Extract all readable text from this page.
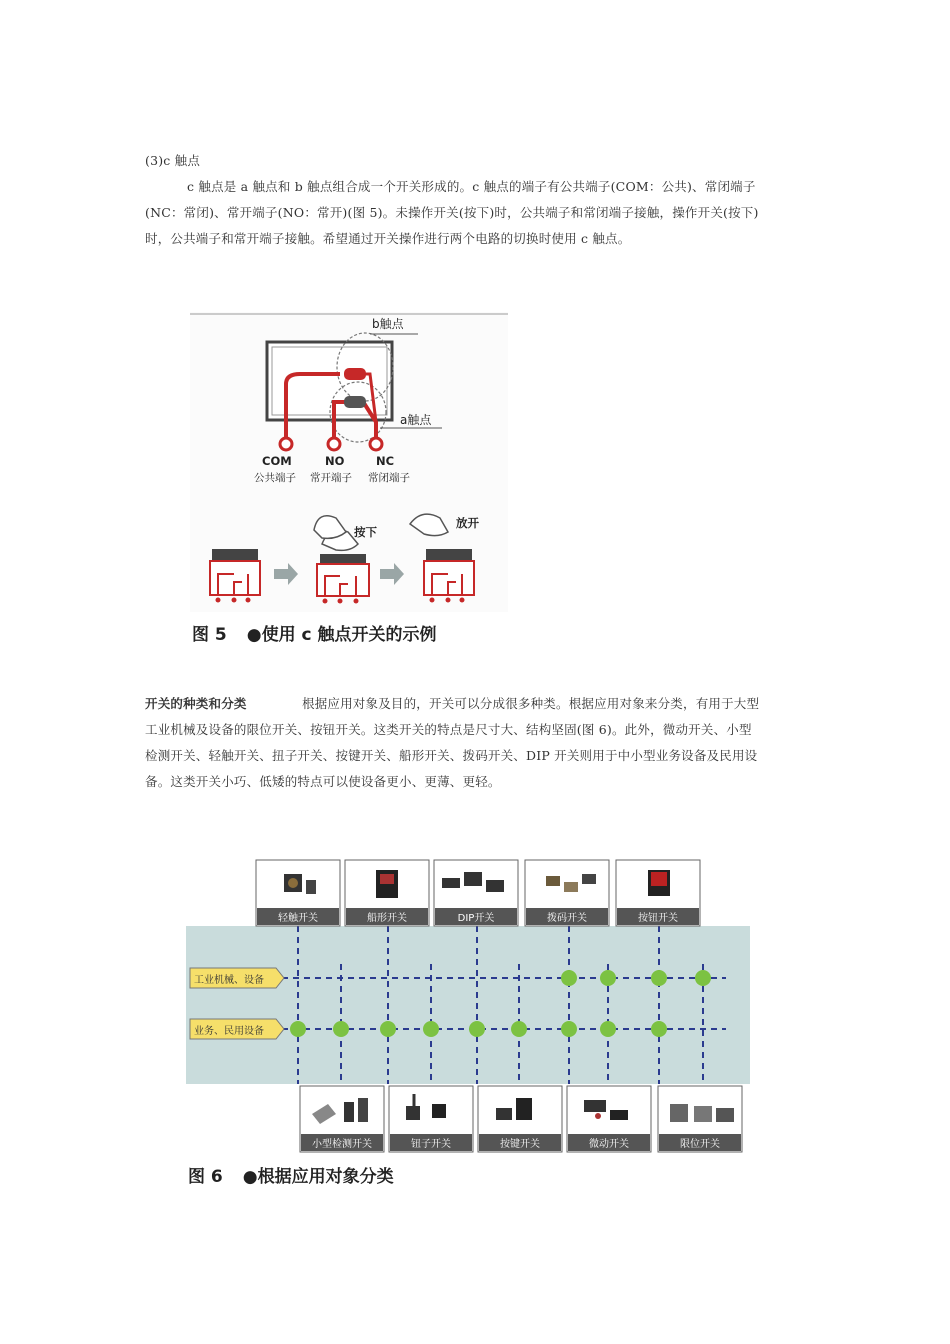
(3)c 触点
c 触点是 a 触点和 b 触点组合成一个开关形成的。c 触点的端子有公共端子(COM：公共)、常闭端子
(NC：常闭)、常开端子(NO：常开)(图 5)。未操作开关(按下)时，公共端子和常闭端子接触，操作开关(按下)
时，公共端子和常开端子接触。希望通过开关操作进行两个电路的切换时使用 c 触点。
b触点
a触点
COM	NO	NC
公共端子 常开端子 常闭端子
按下
放开
图 5 ●使用 c 触点开关的示例
开关的种类和分类	根据应用对象及目的，开关可以分成很多种类。根据应用对象来分类，有用于大型
工业机械及设备的限位开关、按钮开关。这类开关的特点是尺寸大、结构坚固(图 6)。此外，微动开关、小型
检测开关、轻触开关、扭子开关、按键开关、船形开关、拨码开关、DIP 开关则用于中小型业务设备及民用设
备。这类开关小巧、低矮的特点可以使设备更小、更薄、更轻。
轻触开关	船形开关	DIP开关	拨码开关	按钮开关
工业机械、设备
业务、民用设备
小型检测开关	钮子开关	按键开关	微动开关	限位开关
图 6 ●根据应用对象分类
